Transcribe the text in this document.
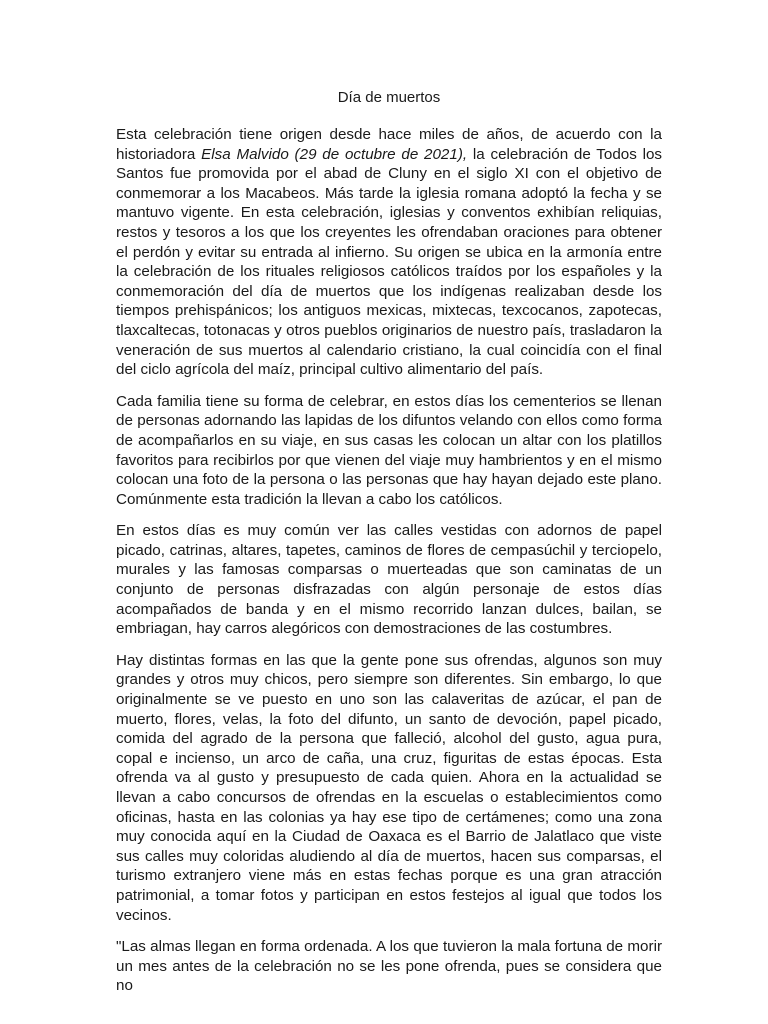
Día de muertos

Esta celebración tiene origen desde hace miles de años, de acuerdo con la historiadora Elsa Malvido (29 de octubre de 2021), la celebración de Todos los Santos fue promovida por el abad de Cluny en el siglo XI con el objetivo de conmemorar a los Macabeos. Más tarde la iglesia romana adoptó la fecha y se mantuvo vigente. En esta celebración, iglesias y conventos exhibían reliquias, restos y tesoros a los que los creyentes les ofrendaban oraciones para obtener el perdón y evitar su entrada al infierno. Su origen se ubica en la armonía entre la celebración de los rituales religiosos católicos traídos por los españoles y la conmemoración del día de muertos que los indígenas realizaban desde los tiempos prehispánicos; los antiguos mexicas, mixtecas, texcocanos, zapotecas, tlaxcaltecas, totonacas y otros pueblos originarios de nuestro país, trasladaron la veneración de sus muertos al calendario cristiano, la cual coincidía con el final del ciclo agrícola del maíz, principal cultivo alimentario del país.

Cada familia tiene su forma de celebrar, en estos días los cementerios se llenan de personas adornando las lapidas de los difuntos velando con ellos como forma de acompañarlos en su viaje, en sus casas les colocan un altar con los platillos favoritos para recibirlos por que vienen del viaje muy hambrientos y en el mismo colocan una foto de la persona o las personas que hay hayan dejado este plano. Comúnmente esta tradición la llevan a cabo los católicos.

En estos días es muy común ver las calles vestidas con adornos de papel picado, catrinas, altares, tapetes, caminos de flores de cempasúchil y terciopelo, murales y las famosas comparsas o muerteadas que son caminatas de un conjunto de personas disfrazadas con algún personaje de estos días acompañados de banda y en el mismo recorrido lanzan dulces, bailan, se embriagan, hay carros alegóricos con demostraciones de las costumbres.

Hay distintas formas en las que la gente pone sus ofrendas, algunos son muy grandes y otros muy chicos, pero siempre son diferentes. Sin embargo, lo que originalmente se ve puesto en uno son las calaveritas de azúcar, el pan de muerto, flores, velas, la foto del difunto, un santo de devoción, papel picado, comida del agrado de la persona que falleció, alcohol del gusto, agua pura, copal e incienso, un arco de caña, una cruz, figuritas de estas épocas. Esta ofrenda va al gusto y presupuesto de cada quien. Ahora en la actualidad se llevan a cabo concursos de ofrendas en la escuelas o establecimientos como oficinas, hasta en las colonias ya hay ese tipo de certámenes; como una zona muy conocida aquí en la Ciudad de Oaxaca es el Barrio de Jalatlaco que viste sus calles muy coloridas aludiendo al día de muertos, hacen sus comparsas, el turismo extranjero viene más en estas fechas porque es una gran atracción patrimonial, a tomar fotos y participan en estos festejos al igual que todos los vecinos.

"Las almas llegan en forma ordenada. A los que tuvieron la mala fortuna de morir un mes antes de la celebración no se les pone ofrenda, pues se considera que no
